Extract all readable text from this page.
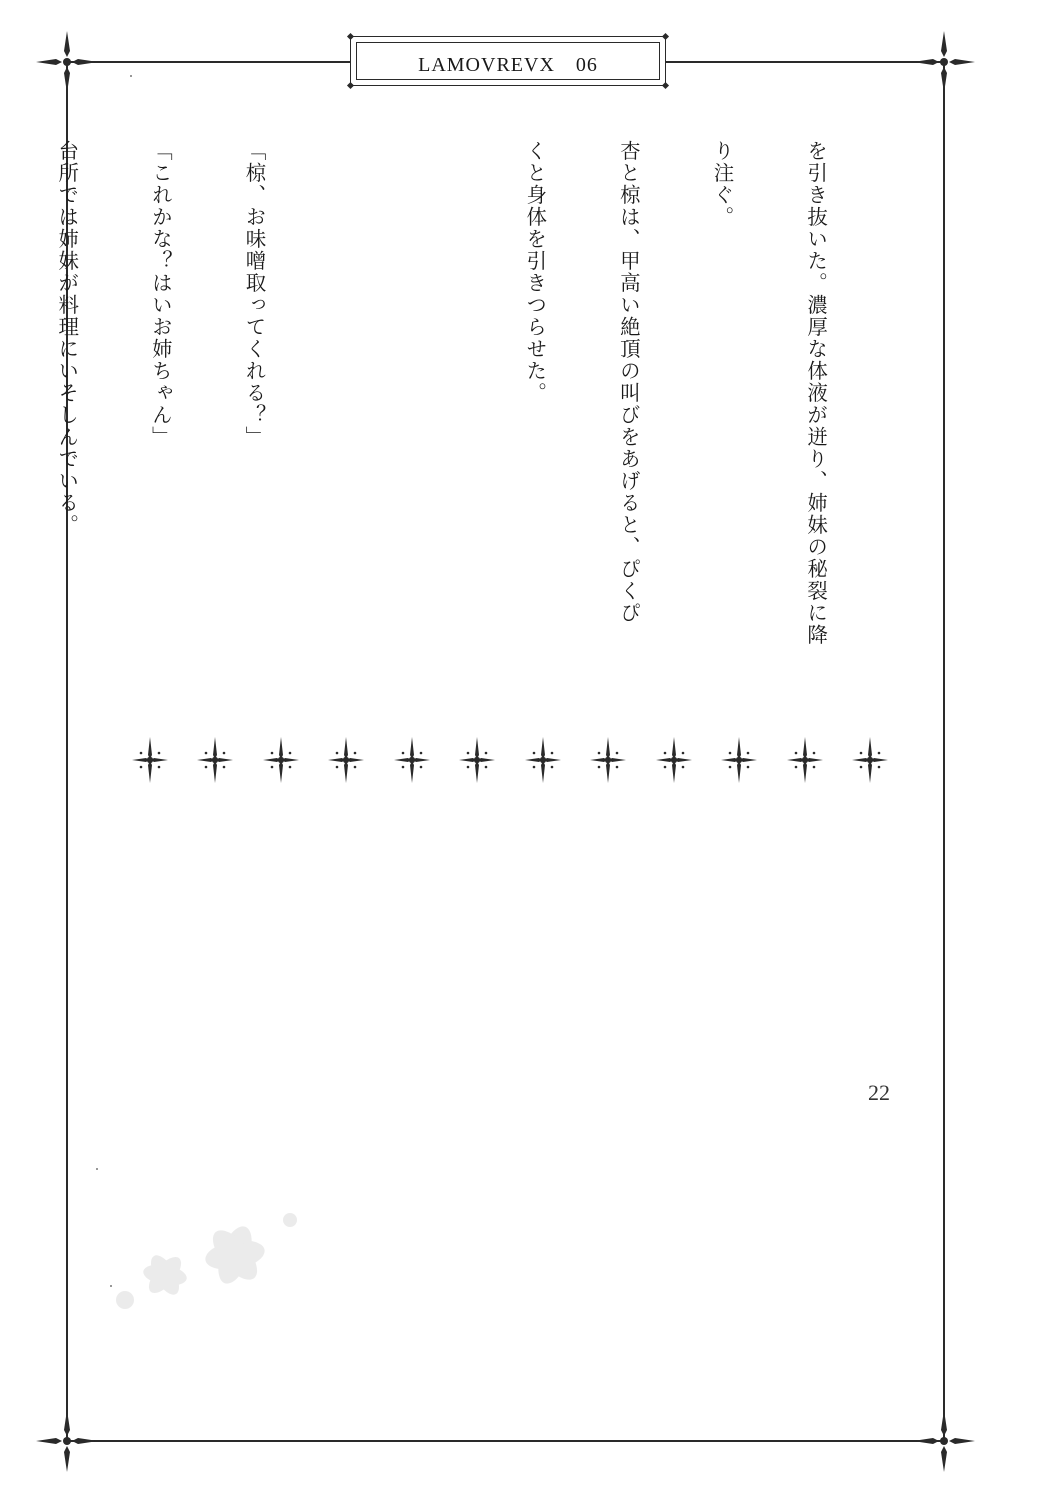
LAMOVREVX　06

を引き抜いた。濃厚な体液が迸り、姉妹の秘裂に降

り注ぐ。

杏と椋は、甲高い絶頂の叫びをあげると、ぴくぴ

くと身体を引きつらせた。

「椋、お味噌取ってくれる？」

「これかな？はいお姉ちゃん」

台所では姉妹が料理にいそしんでいる。

22
